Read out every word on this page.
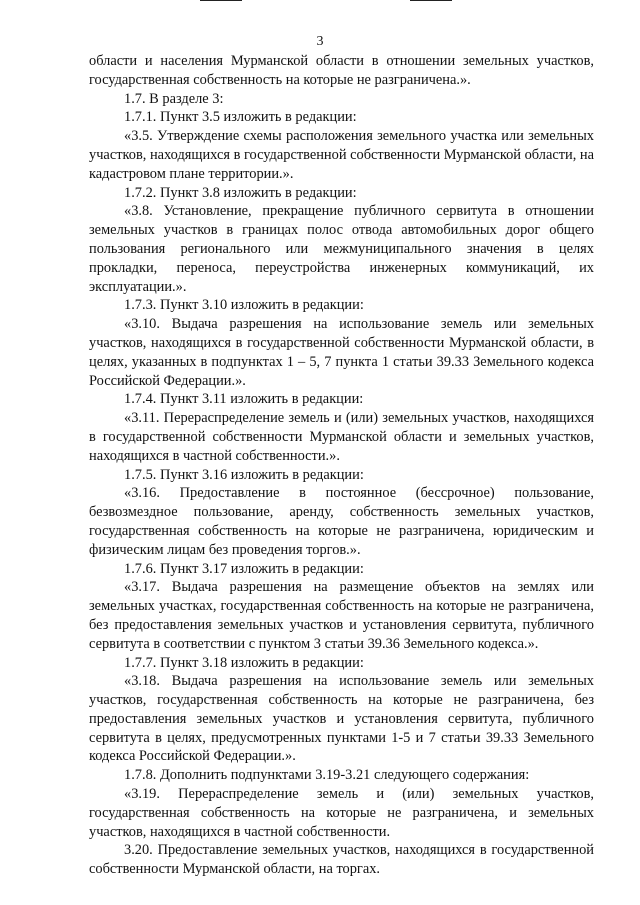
3

области и населения Мурманской области в отношении земельных участков, государственная собственность на которые не разграничена.».

1.7. В разделе 3:

1.7.1. Пункт 3.5 изложить в редакции:

«3.5. Утверждение схемы расположения земельного участка или земельных участков, находящихся в государственной собственности Мурманской области, на кадастровом плане территории.».

1.7.2. Пункт 3.8 изложить в редакции:

«3.8. Установление, прекращение публичного сервитута в отношении земельных участков в границах полос отвода автомобильных дорог общего пользования регионального или межмуниципального значения в целях прокладки, переноса, переустройства инженерных коммуникаций, их эксплуатации.».

1.7.3. Пункт 3.10 изложить в редакции:

«3.10. Выдача разрешения на использование земель или земельных участков, находящихся в государственной собственности Мурманской области, в целях, указанных в подпунктах 1 – 5, 7 пункта 1 статьи 39.33 Земельного кодекса Российской Федерации.».

1.7.4. Пункт 3.11 изложить в редакции:

«3.11. Перераспределение земель и (или) земельных участков, находящихся в государственной собственности Мурманской области и земельных участков, находящихся в частной собственности.».

1.7.5. Пункт 3.16 изложить в редакции:

«3.16. Предоставление в постоянное (бессрочное) пользование, безвозмездное пользование, аренду, собственность земельных участков, государственная собственность на которые не разграничена, юридическим и физическим лицам без проведения торгов.».

1.7.6. Пункт 3.17 изложить в редакции:

«3.17. Выдача разрешения на размещение объектов на землях или земельных участках, государственная собственность на которые не разграничена, без предоставления земельных участков и установления сервитута, публичного сервитута в соответствии с пунктом 3 статьи 39.36 Земельного кодекса.».

1.7.7. Пункт 3.18 изложить в редакции:

«3.18. Выдача разрешения на использование земель или земельных участков, государственная собственность на которые не разграничена, без предоставления земельных участков и установления сервитута, публичного сервитута в целях, предусмотренных пунктами 1-5 и 7 статьи 39.33 Земельного кодекса Российской Федерации.».

1.7.8. Дополнить подпунктами 3.19-3.21 следующего содержания:

«3.19. Перераспределение земель и (или) земельных участков, государственная собственность на которые не разграничена, и земельных участков, находящихся в частной собственности.

3.20. Предоставление земельных участков, находящихся в государственной собственности Мурманской области, на торгах.
